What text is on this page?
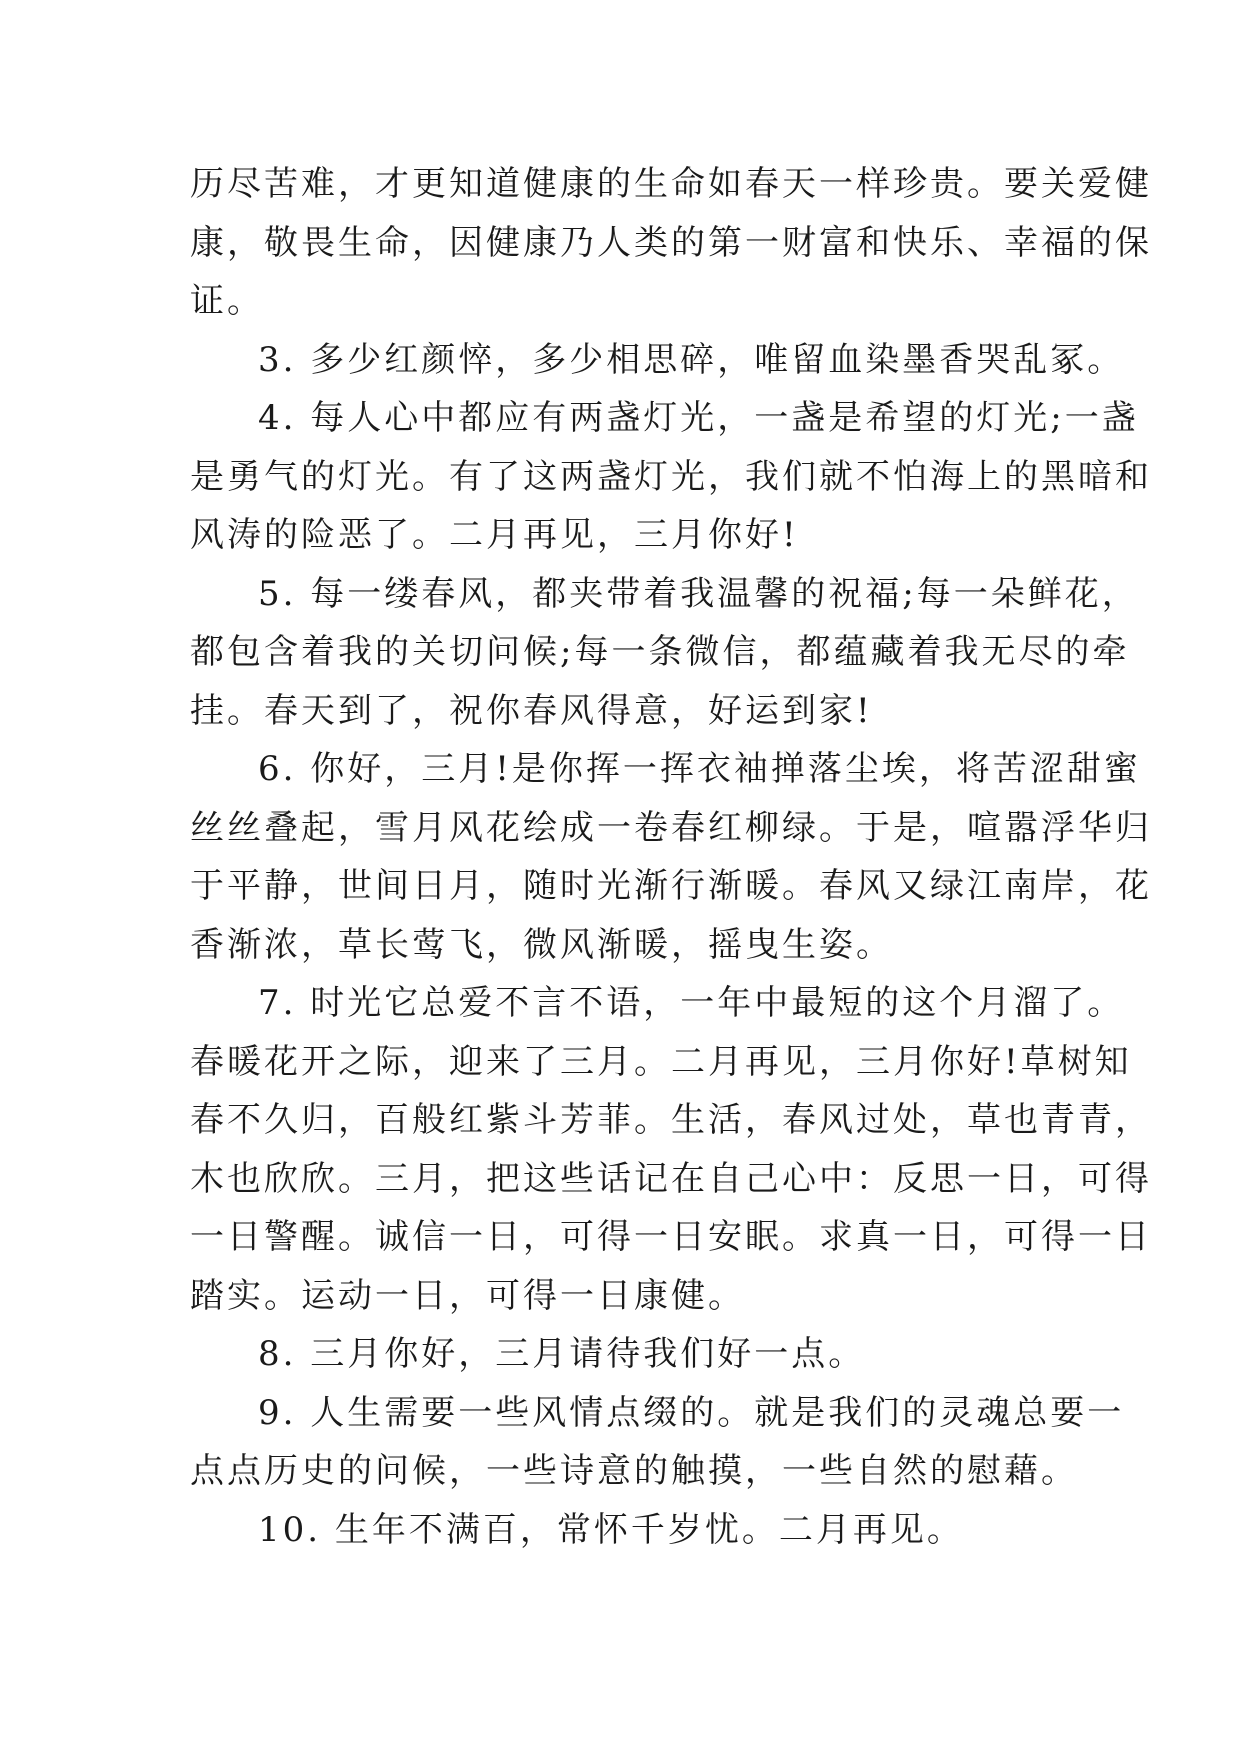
历尽苦难，才更知道健康的生命如春天一样珍贵。要关爱健
康，敬畏生命，因健康乃人类的第一财富和快乐、幸福的保
证。

3. 多少红颜悴，多少相思碎，唯留血染墨香哭乱冢。

4. 每人心中都应有两盏灯光，一盏是希望的灯光;一盏
是勇气的灯光。有了这两盏灯光，我们就不怕海上的黑暗和
风涛的险恶了。二月再见，三月你好!

5. 每一缕春风，都夹带着我温馨的祝福;每一朵鲜花，
都包含着我的关切问候;每一条微信，都蕴藏着我无尽的牵
挂。春天到了，祝你春风得意，好运到家!

6. 你好，三月!是你挥一挥衣袖掸落尘埃，将苦涩甜蜜
丝丝叠起，雪月风花绘成一卷春红柳绿。于是，喧嚣浮华归
于平静，世间日月，随时光渐行渐暖。春风又绿江南岸，花
香渐浓，草长莺飞，微风渐暖，摇曳生姿。

7. 时光它总爱不言不语，一年中最短的这个月溜了。
春暖花开之际，迎来了三月。二月再见，三月你好!草树知
春不久归，百般红紫斗芳菲。生活，春风过处，草也青青，
木也欣欣。三月，把这些话记在自己心中：反思一日，可得
一日警醒。诚信一日，可得一日安眠。求真一日，可得一日
踏实。运动一日，可得一日康健。

8. 三月你好，三月请待我们好一点。

9. 人生需要一些风情点缀的。就是我们的灵魂总要一
点点历史的问候，一些诗意的触摸，一些自然的慰藉。

10. 生年不满百，常怀千岁忧。二月再见。
